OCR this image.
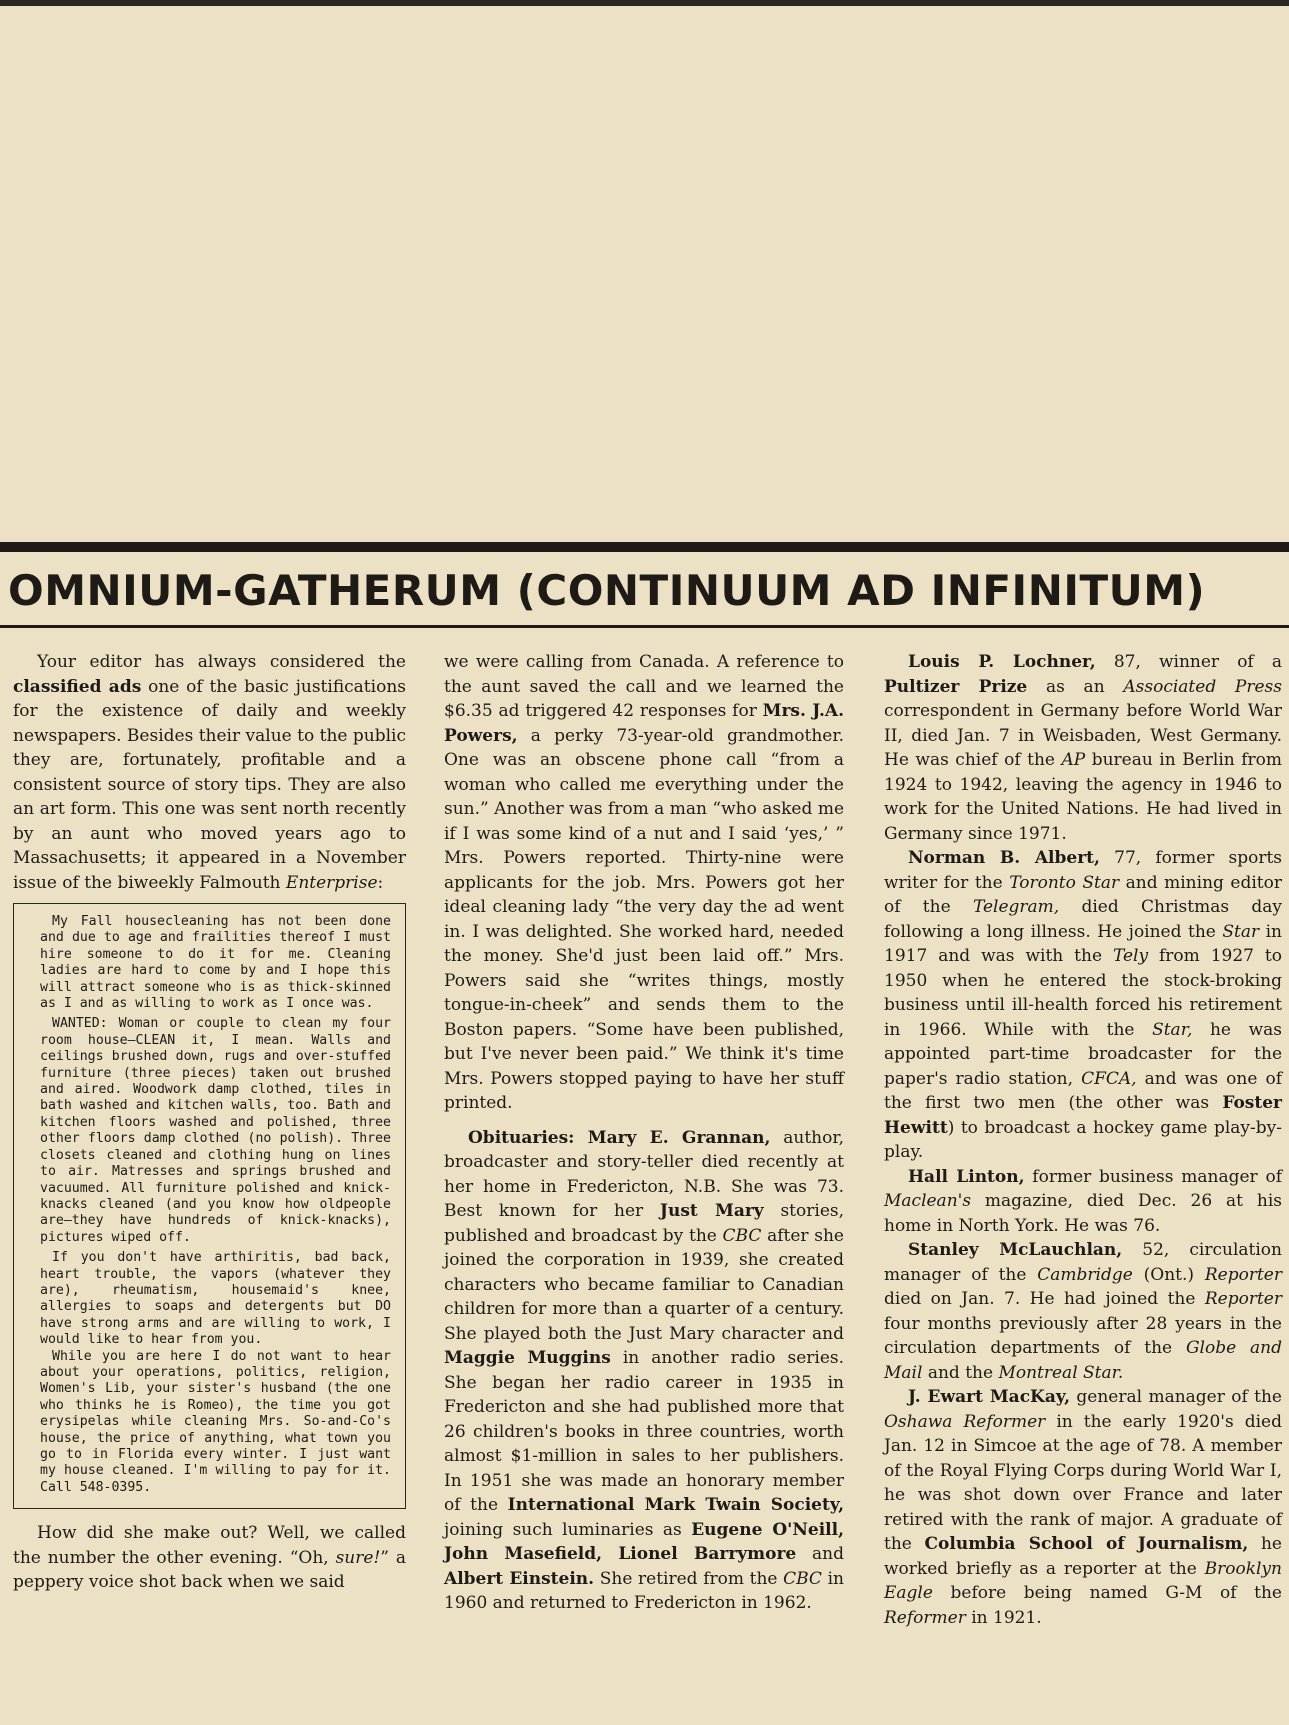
OMNIUM-GATHERUM (CONTINUUM AD INFINITUM)

Your editor has always considered the classified ads one of the basic justifications for the existence of daily and weekly newspapers. Besides their value to the public they are, fortunately, profitable and a consistent source of story tips. They are also an art form. This one was sent north recently by an aunt who moved years ago to Massachusetts; it appeared in a November issue of the biweekly Falmouth Enterprise:

My Fall housecleaning has not been done and due to age and frailities thereof I must hire someone to do it for me. Cleaning ladies are hard to come by and I hope this will attract someone who is as thick-skinned as I and as willing to work as I once was.

WANTED: Woman or couple to clean my four room house—CLEAN it, I mean. Walls and ceilings brushed down, rugs and over-stuffed furniture (three pieces) taken out brushed and aired. Woodwork damp clothed, tiles in bath washed and kitchen walls, too. Bath and kitchen floors washed and polished, three other floors damp clothed (no polish). Three closets cleaned and clothing hung on lines to air. Matresses and springs brushed and vacuumed. All furniture polished and knick-knacks cleaned (and you know how oldpeople are—they have hundreds of knick-knacks), pictures wiped off.

If you don't have arthiritis, bad back, heart trouble, the vapors (whatever they are), rheumatism, housemaid's knee, allergies to soaps and detergents but DO have strong arms and are willing to work, I would like to hear from you.

While you are here I do not want to hear about your operations, politics, religion, Women's Lib, your sister's husband (the one who thinks he is Romeo), the time you got erysipelas while cleaning Mrs. So-and-Co's house, the price of anything, what town you go to in Florida every winter. I just want my house cleaned. I'm willing to pay for it. Call 548-0395.

How did she make out? Well, we called the number the other evening. “Oh, sure!” a peppery voice shot back when we said

we were calling from Canada. A reference to the aunt saved the call and we learned the $6.35 ad triggered 42 responses for Mrs. J.A. Powers, a perky 73-year-old grandmother. One was an obscene phone call “from a woman who called me everything under the sun.” Another was from a man “who asked me if I was some kind of a nut and I said ‘yes,’ ” Mrs. Powers reported. Thirty-nine were applicants for the job. Mrs. Powers got her ideal cleaning lady “the very day the ad went in. I was delighted. She worked hard, needed the money. She'd just been laid off.” Mrs. Powers said she “writes things, mostly tongue-in-cheek” and sends them to the Boston papers. “Some have been published, but I've never been paid.” We think it's time Mrs. Powers stopped paying to have her stuff printed.

Obituaries: Mary E. Grannan, author, broadcaster and story-teller died recently at her home in Fredericton, N.B. She was 73. Best known for her Just Mary stories, published and broadcast by the CBC after she joined the corporation in 1939, she created characters who became familiar to Canadian children for more than a quarter of a century. She played both the Just Mary character and Maggie Muggins in another radio series. She began her radio career in 1935 in Fredericton and she had published more that 26 children's books in three countries, worth almost $1-million in sales to her publishers. In 1951 she was made an honorary member of the International Mark Twain Society, joining such luminaries as Eugene O'Neill, John Masefield, Lionel Barrymore and Albert Einstein. She retired from the CBC in 1960 and returned to Fredericton in 1962.

Louis P. Lochner, 87, winner of a Pultizer Prize as an Associated Press correspondent in Germany before World War II, died Jan. 7 in Weisbaden, West Germany. He was chief of the AP bureau in Berlin from 1924 to 1942, leaving the agency in 1946 to work for the United Nations. He had lived in Germany since 1971.

Norman B. Albert, 77, former sports writer for the Toronto Star and mining editor of the Telegram, died Christmas day following a long illness. He joined the Star in 1917 and was with the Tely from 1927 to 1950 when he entered the stock-broking business until ill-health forced his retirement in 1966. While with the Star, he was appointed part-time broadcaster for the paper's radio station, CFCA, and was one of the first two men (the other was Foster Hewitt) to broadcast a hockey game play-by-play.

Hall Linton, former business manager of Maclean's magazine, died Dec. 26 at his home in North York. He was 76.

Stanley McLauchlan, 52, circulation manager of the Cambridge (Ont.) Reporter died on Jan. 7. He had joined the Reporter four months previously after 28 years in the circulation departments of the Globe and Mail and the Montreal Star.

J. Ewart MacKay, general manager of the Oshawa Reformer in the early 1920's died Jan. 12 in Simcoe at the age of 78. A member of the Royal Flying Corps during World War I, he was shot down over France and later retired with the rank of major. A graduate of the Columbia School of Journalism, he worked briefly as a reporter at the Brooklyn Eagle before being named G-M of the Reformer in 1921.
